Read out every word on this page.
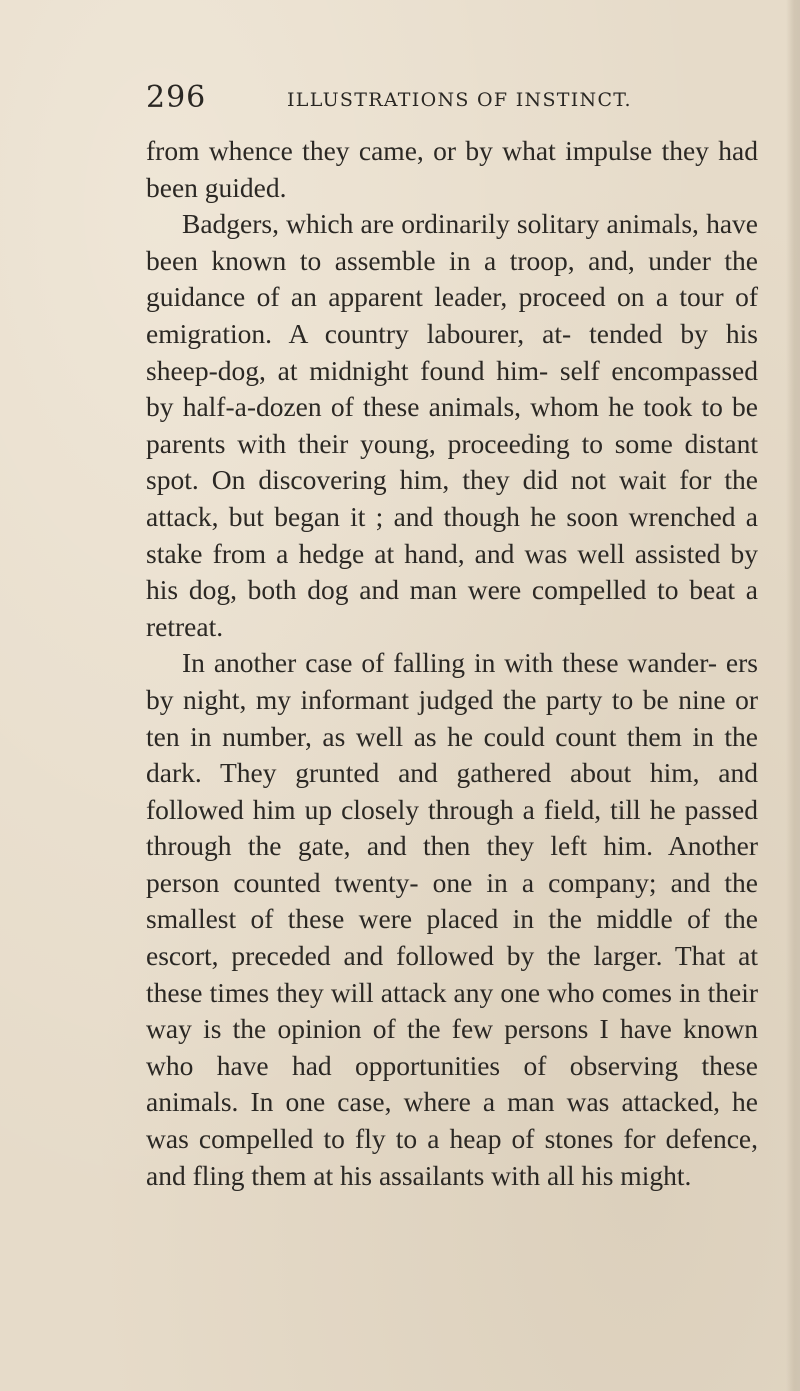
296	ILLUSTRATIONS OF INSTINCT.

from whence they came, or by what impulse they had been guided.

Badgers, which are ordinarily solitary animals, have been known to assemble in a troop, and, under the guidance of an apparent leader, proceed on a tour of emigration. A country labourer, at- tended by his sheep-dog, at midnight found him- self encompassed by half-a-dozen of these animals, whom he took to be parents with their young, proceeding to some distant spot. On discovering him, they did not wait for the attack, but began it ; and though he soon wrenched a stake from a hedge at hand, and was well assisted by his dog, both dog and man were compelled to beat a retreat.

In another case of falling in with these wander- ers by night, my informant judged the party to be nine or ten in number, as well as he could count them in the dark. They grunted and gathered about him, and followed him up closely through a field, till he passed through the gate, and then they left him. Another person counted twenty- one in a company; and the smallest of these were placed in the middle of the escort, preceded and followed by the larger. That at these times they will attack any one who comes in their way is the opinion of the few persons I have known who have had opportunities of observing these animals. In one case, where a man was attacked, he was compelled to fly to a heap of stones for defence, and fling them at his assailants with all his might.
